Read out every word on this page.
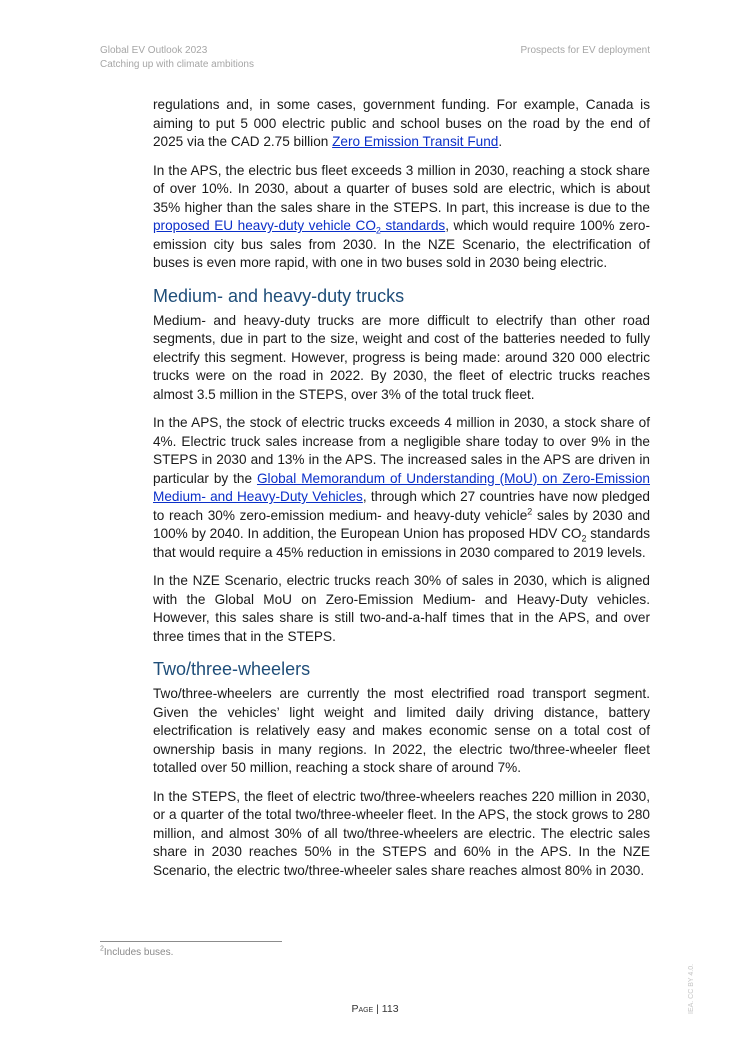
Global EV Outlook 2023
Catching up with climate ambitions
Prospects for EV deployment

regulations and, in some cases, government funding. For example, Canada is aiming to put 5 000 electric public and school buses on the road by the end of 2025 via the CAD 2.75 billion Zero Emission Transit Fund.

In the APS, the electric bus fleet exceeds 3 million in 2030, reaching a stock share of over 10%. In 2030, about a quarter of buses sold are electric, which is about 35% higher than the sales share in the STEPS. In part, this increase is due to the proposed EU heavy-duty vehicle $CO_2$ standards, which would require 100% zero-emission city bus sales from 2030. In the NZE Scenario, the electrification of buses is even more rapid, with one in two buses sold in 2030 being electric.

Medium- and heavy-duty trucks

Medium- and heavy-duty trucks are more difficult to electrify than other road segments, due in part to the size, weight and cost of the batteries needed to fully electrify this segment. However, progress is being made: around 320 000 electric trucks were on the road in 2022. By 2030, the fleet of electric trucks reaches almost 3.5 million in the STEPS, over 3% of the total truck fleet.

In the APS, the stock of electric trucks exceeds 4 million in 2030, a stock share of 4%. Electric truck sales increase from a negligible share today to over 9% in the STEPS in 2030 and 13% in the APS. The increased sales in the APS are driven in particular by the Global Memorandum of Understanding (MoU) on Zero-Emission Medium- and Heavy-Duty Vehicles, through which 27 countries have now pledged to reach 30% zero-emission medium- and heavy-duty vehicle$^2$ sales by 2030 and 100% by 2040. In addition, the European Union has proposed HDV $CO_2$ standards that would require a 45% reduction in emissions in 2030 compared to 2019 levels.

In the NZE Scenario, electric trucks reach 30% of sales in 2030, which is aligned with the Global MoU on Zero-Emission Medium- and Heavy-Duty vehicles. However, this sales share is still two-and-a-half times that in the APS, and over three times that in the STEPS.

Two/three-wheelers

Two/three-wheelers are currently the most electrified road transport segment. Given the vehicles’ light weight and limited daily driving distance, battery electrification is relatively easy and makes economic sense on a total cost of ownership basis in many regions. In 2022, the electric two/three-wheeler fleet totalled over 50 million, reaching a stock share of around 7%.

In the STEPS, the fleet of electric two/three-wheelers reaches 220 million in 2030, or a quarter of the total two/three-wheeler fleet. In the APS, the stock grows to 280 million, and almost 30% of all two/three-wheelers are electric. The electric sales share in 2030 reaches 50% in the STEPS and 60% in the APS. In the NZE Scenario, the electric two/three-wheeler sales share reaches almost 80% in 2030.

$^2$Includes buses.
Page | 113	IEA. CC BY 4.0.
